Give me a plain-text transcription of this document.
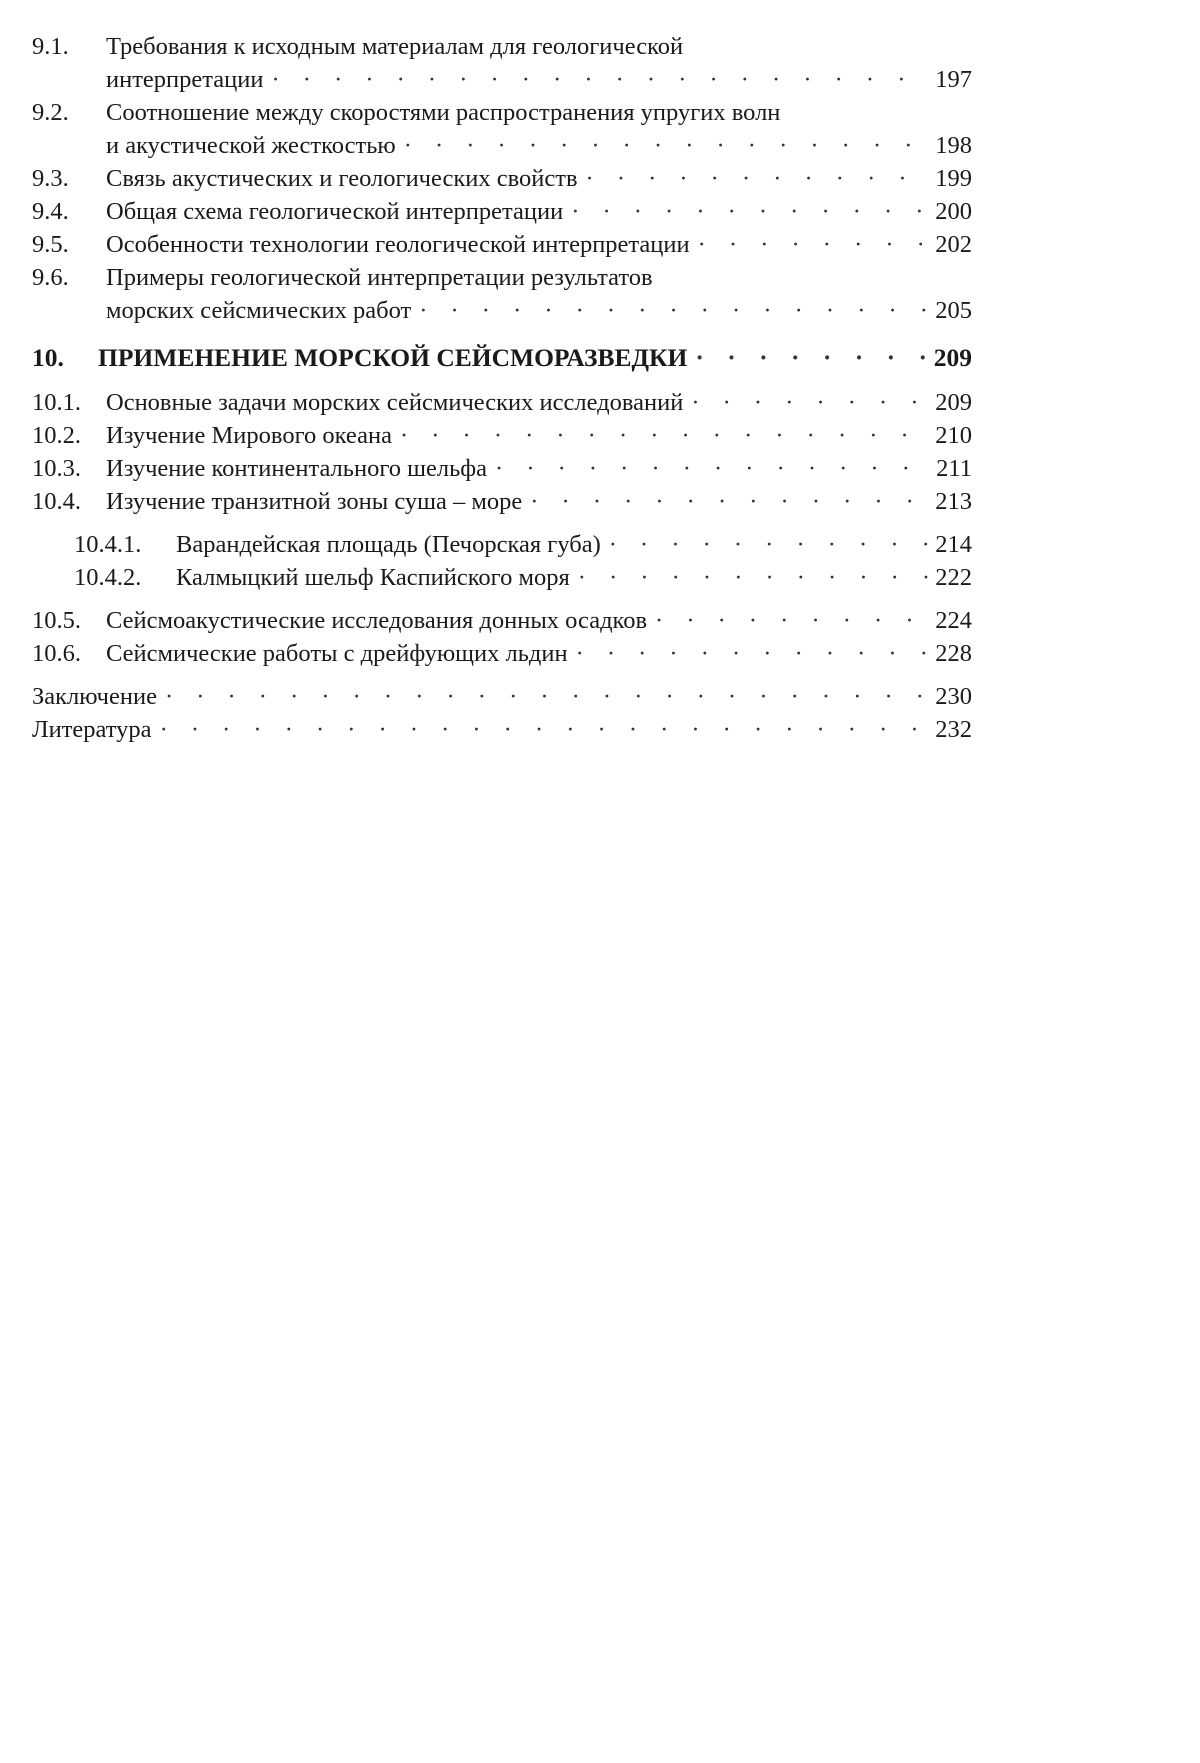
9.1. Требования к исходным материалам для геологической
интерпретации · · ·	197
9.2. Соотношение между скоростями распространения упругих волн
и акустической жесткостью · · ·	198
9.3. Связь акустических и геологических свойств · · ·	199
9.4. Общая схема геологической интерпретации · · ·	200
9.5. Особенности технологии геологической интерпретации · · ·	202
9.6. Примеры геологической интерпретации результатов
морских сейсмических работ · · ·	205
10. ПРИМЕНЕНИЕ МОРСКОЙ СЕЙСМОРАЗВЕДКИ · · ·	209
10.1. Основные задачи морских сейсмических исследований · · ·	209
10.2. Изучение Мирового океана · · ·	210
10.3. Изучение континентального шельфа · · ·	211
10.4. Изучение транзитной зоны суша – море · · ·	213
10.4.1. Варандейская площадь (Печорская губа) · · ·	214
10.4.2. Калмыцкий шельф Каспийского моря · · ·	222
10.5. Сейсмоакустические исследования донных осадков · · ·	224
10.6. Сейсмические работы с дрейфующих льдин · · ·	228
Заключение · · ·	230
Литература · · ·	232
